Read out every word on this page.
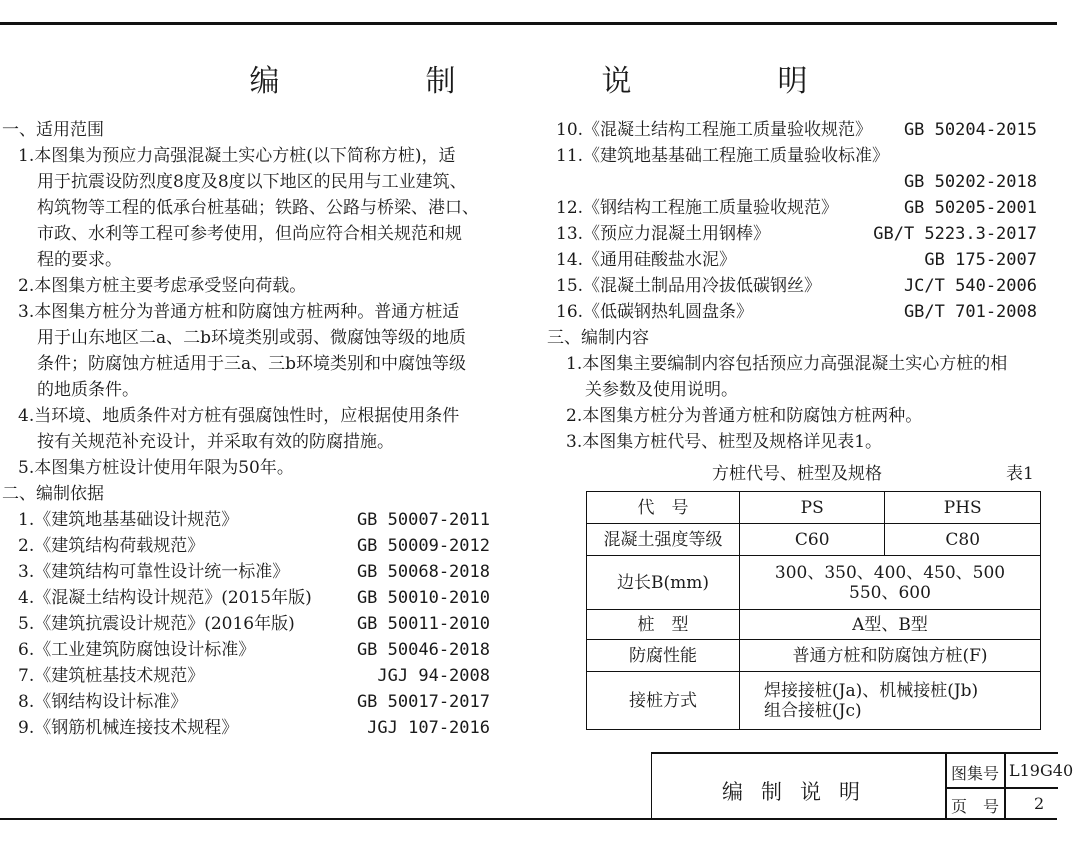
编　制　说　明
一、适用范围
1.本图集为预应力高强混凝土实心方桩(以下简称方桩)，适
用于抗震设防烈度8度及8度以下地区的民用与工业建筑、
构筑物等工程的低承台桩基础；铁路、公路与桥梁、港口、
市政、水利等工程可参考使用，但尚应符合相关规范和规
程的要求。
2.本图集方桩主要考虑承受竖向荷载。
3.本图集方桩分为普通方桩和防腐蚀方桩两种。普通方桩适
用于山东地区二a、二b环境类别或弱、微腐蚀等级的地质
条件；防腐蚀方桩适用于三a、三b环境类别和中腐蚀等级
的地质条件。
4.当环境、地质条件对方桩有强腐蚀性时，应根据使用条件
按有关规范补充设计，并采取有效的防腐措施。
5.本图集方桩设计使用年限为50年。
二、编制依据
1.《建筑地基基础设计规范》	GB 50007-2011
2.《建筑结构荷载规范》	GB 50009-2012
3.《建筑结构可靠性设计统一标准》	GB 50068-2018
4.《混凝土结构设计规范》(2015年版)	GB 50010-2010
5.《建筑抗震设计规范》(2016年版)	GB 50011-2010
6.《工业建筑防腐蚀设计标准》	GB 50046-2018
7.《建筑桩基技术规范》	JGJ 94-2008
8.《钢结构设计标准》	GB 50017-2017
9.《钢筋机械连接技术规程》	JGJ 107-2016
10.《混凝土结构工程施工质量验收规范》 GB 50204-2015
11.《建筑地基基础工程施工质量验收标准》
GB 50202-2018
12.《钢结构工程施工质量验收规范》	GB 50205-2001
13.《预应力混凝土用钢棒》	GB/T 5223.3-2017
14.《通用硅酸盐水泥》	GB 175-2007
15.《混凝土制品用冷拔低碳钢丝》	JC/T 540-2006
16.《低碳钢热轧圆盘条》	GB/T 701-2008
三、编制内容
1.本图集主要编制内容包括预应力高强混凝土实心方桩的相
关参数及使用说明。
2.本图集方桩分为普通方桩和防腐蚀方桩两种。
3.本图集方桩代号、桩型及规格详见表1。
方桩代号、桩型及规格	表1
代　号	PS	PHS
混凝土强度等级	C60	C80
边长B(mm)	300、350、400、450、500
550、600	

桩　型	A型、B型	
防腐性能	普通方桩和防腐蚀方桩(F)	
接桩方式	焊接接桩(Ja)、机械接桩(Jb)
组合接桩(Jc)	
编制说明
图集号 L19G40
页　号 2
